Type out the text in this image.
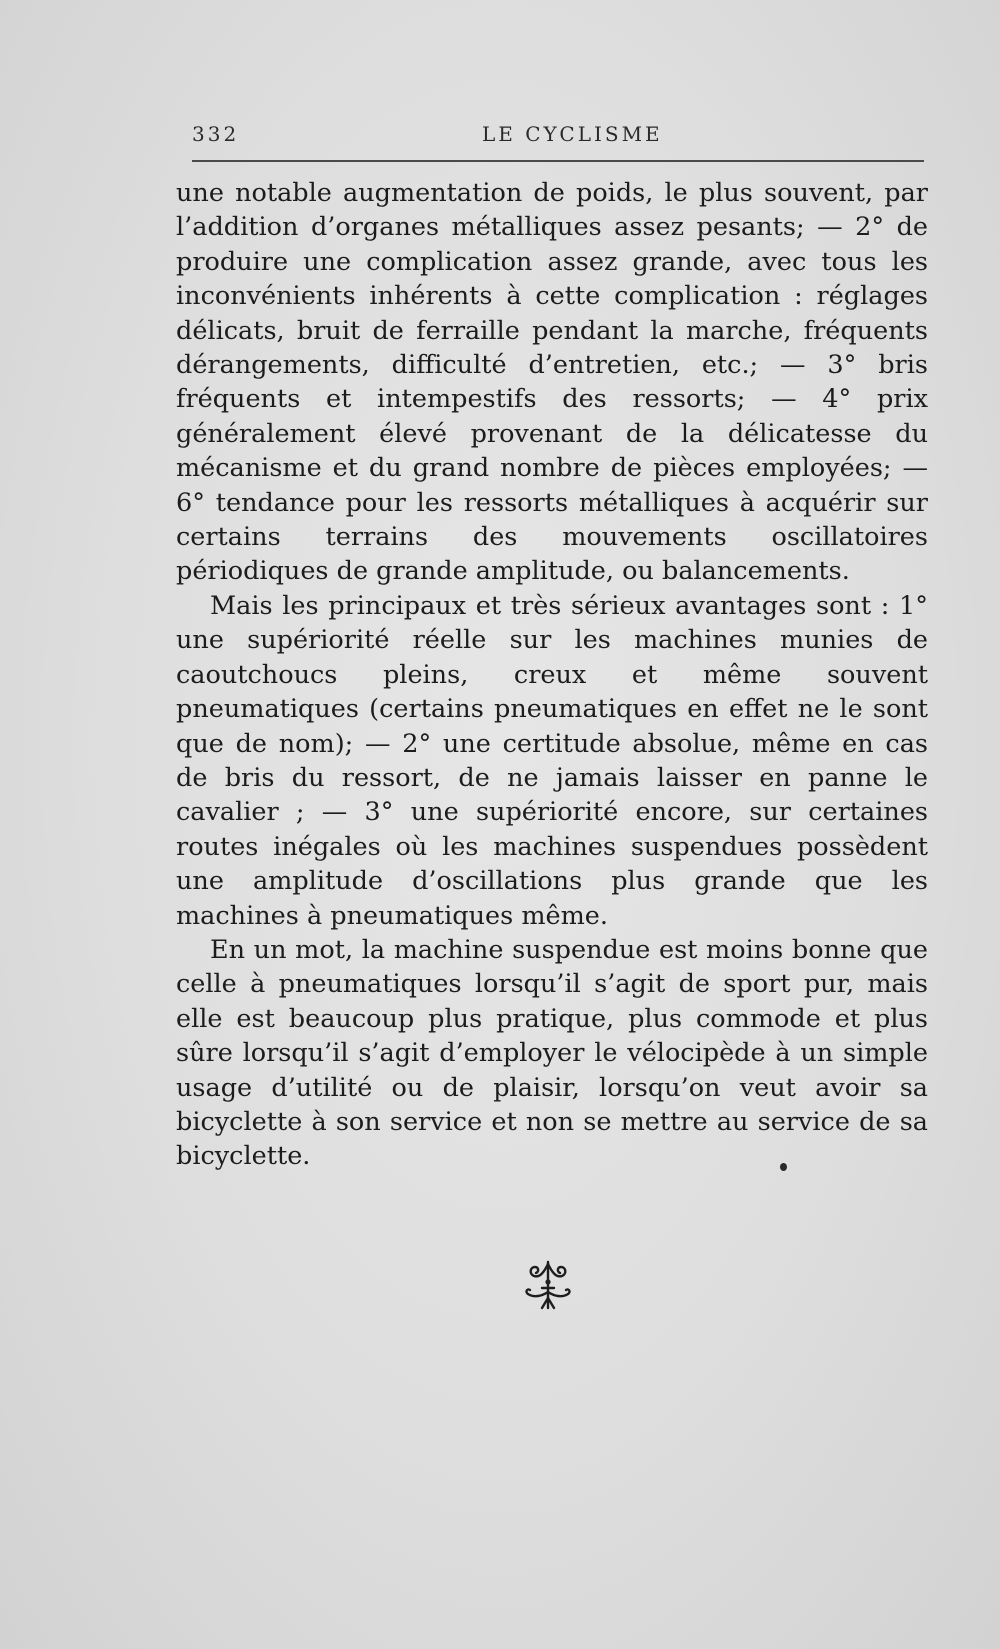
332	LE CYCLISME

une notable augmentation de poids, le plus souvent, par l’addition d’organes métalliques assez pesants; — 2° de produire une complication assez grande, avec tous les inconvénients inhérents à cette complication : réglages délicats, bruit de ferraille pendant la marche, fréquents dérangements, difficulté d’entretien, etc.; — 3° bris fréquents et intempestifs des ressorts; — 4° prix généralement élevé provenant de la délicatesse du mécanisme et du grand nombre de pièces employées; — 6° tendance pour les ressorts métalliques à acquérir sur certains terrains des mouvements oscillatoires périodiques de grande amplitude, ou balancements.

Mais les principaux et très sérieux avantages sont : 1° une supériorité réelle sur les machines munies de caoutchoucs pleins, creux et même souvent pneumatiques (certains pneumatiques en effet ne le sont que de nom); — 2° une certitude absolue, même en cas de bris du ressort, de ne jamais laisser en panne le cavalier ; — 3° une supériorité encore, sur certaines routes inégales où les machines suspendues possèdent une amplitude d’oscillations plus grande que les machines à pneumatiques même.

En un mot, la machine suspendue est moins bonne que celle à pneumatiques lorsqu’il s’agit de sport pur, mais elle est beaucoup plus pratique, plus commode et plus sûre lorsqu’il s’agit d’employer le vélocipède à un simple usage d’utilité ou de plaisir, lorsqu’on veut avoir sa bicyclette à son service et non se mettre au service de sa bicyclette.
